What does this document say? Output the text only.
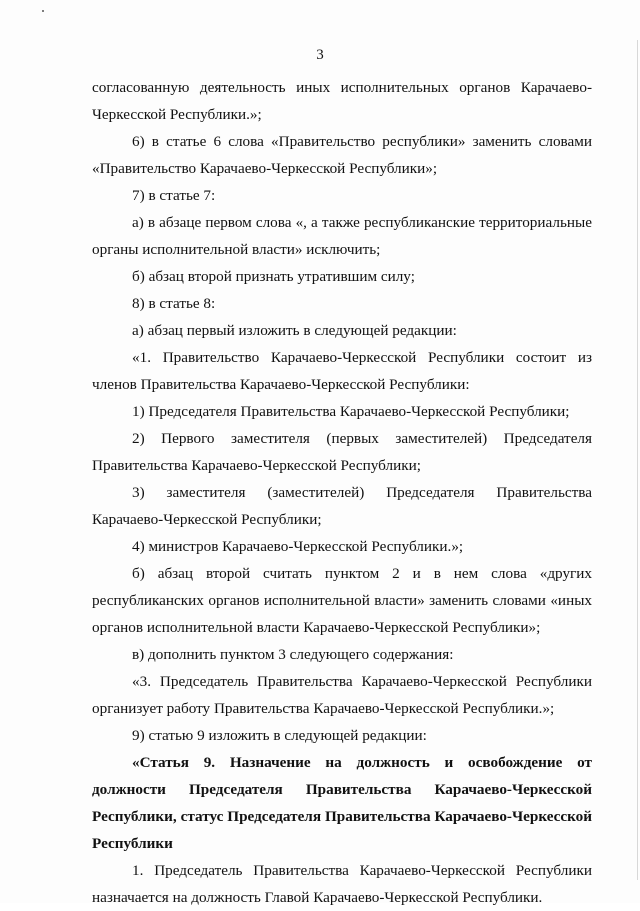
3

согласованную деятельность иных исполнительных органов Карачаево-Черкесской Республики.»;

6) в статье 6 слова «Правительство республики» заменить словами «Правительство Карачаево-Черкесской Республики»;

7) в статье 7:

а) в абзаце первом слова «, а также республиканские территориальные органы исполнительной власти» исключить;

б) абзац второй признать утратившим силу;

8) в статье 8:

а) абзац первый изложить в следующей редакции:

«1. Правительство Карачаево-Черкесской Республики состоит из членов Правительства Карачаево-Черкесской Республики:

1) Председателя Правительства Карачаево-Черкесской Республики;

2) Первого заместителя (первых заместителей) Председателя Правительства Карачаево-Черкесской Республики;

3) заместителя (заместителей) Председателя Правительства Карачаево-Черкесской Республики;

4) министров Карачаево-Черкесской Республики.»;

б) абзац второй считать пунктом 2 и в нем слова «других республиканских органов исполнительной власти» заменить словами «иных органов исполнительной власти Карачаево-Черкесской Республики»;

в) дополнить пунктом 3 следующего содержания:

«3. Председатель Правительства Карачаево-Черкесской Республики организует работу Правительства Карачаево-Черкесской Республики.»;

9) статью 9 изложить в следующей редакции:

«Статья 9. Назначение на должность и освобождение от должности Председателя Правительства Карачаево-Черкесской Республики, статус Председателя Правительства Карачаево-Черкесской Республики

1. Председатель Правительства Карачаево-Черкесской Республики назначается на должность Главой Карачаево-Черкесской Республики.
